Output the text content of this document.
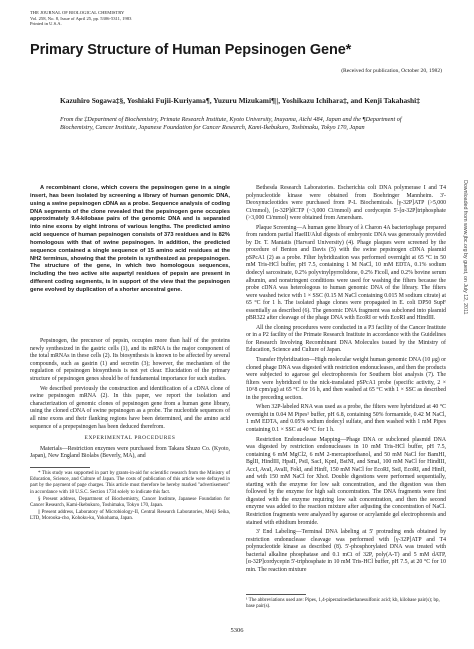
THE JOURNAL OF BIOLOGICAL CHEMISTRY
Vol. 258, No. 8, Issue of April 25, pp. 5306-5311, 1983
Printed in U.S.A.
Primary Structure of Human Pepsinogen Gene*
(Received for publication, October 20, 1982)
Kazuhiro Sogawa‡§, Yoshiaki Fujii-Kuriyama¶, Yuzuru Mizukami¶||, Yoshikazu Ichihara‡, and Kenji Takahashi‡
From the ‡Department of Biochemistry, Primate Research Institute, Kyoto University, Inuyama, Aichi 484, Japan and the ¶Department of Biochemistry, Cancer Institute, Japanese Foundation for Cancer Research, Kami-Ikebukuro, Toshimaku, Tokyo 170, Japan
A recombinant clone, which covers the pepsinogen gene in a single insert, has been isolated by screening a library of human genomic DNA, using a swine pepsinogen cDNA as a probe. Sequence analysis of coding DNA segments of the clone revealed that the pepsinogen gene occupies approximately 9.4-kilobase pairs of the genomic DNA and is separated into nine exons by eight introns of various lengths. The predicted amino acid sequence of human pepsinogen consists of 373 residues and is 82% homologous with that of swine pepsinogen. In addition, the predicted sequence contained a single sequence of 15 amino acid residues at the NH2 terminus, showing that the protein is synthesized as prepepsinogen. The structure of the gene, in which two homologous sequences, including the two active site aspartyl residues of pepsin are present in different coding segments, is in support of the view that the pepsinogen gene evolved by duplication of a shorter ancestral gene.

Pepsinogen, the precursor of pepsin, occupies more than half of the proteins newly synthesized in the gastric cells (1), and its mRNA is the major component of the total mRNAs in these cells (2). Its biosynthesis is known to be affected by several compounds, such as gastrin (1) and secretin (3); however, the mechanism of the regulation of pepsinogen biosynthesis is not yet clear. Elucidation of the primary structure of pepsinogen genes should be of fundamental importance for such studies.

We described previously the construction and identification of a cDNA clone of swine pepsinogen mRNA (2). In this paper, we report the isolation and characterization of genomic clones of pepsinogen gene from a human gene library, using the cloned cDNA of swine pepsinogen as a probe. The nucleotide sequences of all nine exons and their flanking regions have been determined, and the amino acid sequence of a prepepsinogen has been deduced therefrom.

EXPERIMENTAL PROCEDURES

Materials—Restriction enzymes were purchased from Takara Shuzo Co. (Kyoto, Japan), New England Biolabs (Beverly, MA), and

* This study was supported in part by grants-in-aid for scientific research from the Ministry of Education, Science, and Culture of Japan. The costs of publication of this article were defrayed in part by the payment of page charges. This article must therefore be hereby marked "advertisement" in accordance with 18 U.S.C. Section 1734 solely to indicate this fact.

§ Present address, Department of Biochemistry, Cancer Institute, Japanese Foundation for Cancer Research, Kami-Ikebukuro, Toshimaku, Tokyo 170, Japan.

|| Present address, Laboratory of Microbiology-II, Central Research Laboratories, Meiji Seika, LTD, Morooka-cho, Kohoku-ku, Yokohama, Japan.

Bethesda Research Laboratories. Escherichia coli DNA polymerase I and T4 polynucleotide kinase were obtained from Boehringer Mannheim. 3'-Deoxynucleotides were purchased from P-L Biochemicals. [γ-32P]ATP (>5,000 Ci/mmol), [α-32P]dCTP (~3,000 Ci/mmol) and cordycepin 5'-[α-32P]triphosphate (>3,000 Ci/mmol) were obtained from Amersham.

Plaque Screening—A human gene library of λ Charon 4A bacteriophage prepared from random partial HaeIII/AluI digests of embryonic DNA was generously provided by Dr. T. Maniatis (Harvard University) (4). Phage plaques were screened by the procedure of Benton and Davis (5) with the swine pepsinogen cDNA plasmid pSPcA1 (2) as a probe. Filter hybridization was performed overnight at 65 °C in 50 mM Tris-HCl buffer, pH 7.5, containing 1 M NaCl, 10 mM EDTA, 0.1% sodium dodecyl sarcosinate, 0.2% polyvinylpyrrolidone, 0.2% Ficoll, and 0.2% bovine serum albumin, and nonstringent conditions were used for washing the filters because the probe cDNA was heterologous to human genomic DNA of the library. The filters were washed twice with 1 × SSC (0.15 M NaCl containing 0.015 M sodium citrate) at 65 °C for 1 h. The isolated phage clones were propagated in E. coli DP50 SupF essentially as described (6). The genomic DNA fragment was subcloned into plasmid pBR322 after cleavage of the phage DNA with EcoRI or with EcoRI and HindIII.

All the cloning procedures were conducted in a P3 facility of the Cancer Institute or in a P2 facility of the Primate Research Institute in accordance with the Guidelines for Research Involving Recombinant DNA Molecules issued by the Ministry of Education, Science and Culture of Japan.

Transfer Hybridization—High molecular weight human genomic DNA (10 μg) or cloned phage DNA was digested with restriction endonucleases, and then the products were subjected to agarose gel electrophoresis for Southern blot analysis (7). The filters were hybridized to the nick-translated pSPcA1 probe (specific activity, 2 × 10^8 cpm/μg) at 65 °C for 16 h, and then washed at 65 °C with 1 × SSC as described in the preceding section.

When 32P-labeled RNA was used as a probe, the filters were hybridized at 40 °C overnight in 0.04 M Pipes¹ buffer, pH 6.8, containing 50% formamide, 0.42 M NaCl, 1 mM EDTA, and 0.05% sodium dodecyl sulfate, and then washed with 1 mM Pipes containing 0.1 × SSC at 40 °C for 1 h.

Restriction Endonuclease Mapping—Phage DNA or subcloned plasmid DNA was digested by restriction endonucleases in 10 mM Tris-HCl buffer, pH 7.5, containing 6 mM MgCl2, 6 mM 2-mercaptoethanol, and 50 mM NaCl for BamHI, BglII, HindIII, HpaII, PstI, SacI, KpnI, BstNI, and SmaI, 100 mM NaCl for HindIII, AccI, AvaI, AvaII, FokI, and HinfI, 150 mM NaCl for EcoRI, SstI, EcoRI, and HinfI, and with 150 mM NaCl for XhoI. Double digestions were performed sequentially, starting with the enzyme for low salt concentration, and the digestion was then followed by the enzyme for high salt concentration. The DNA fragments were first digested with the enzyme requiring low salt concentration, and then the second enzyme was added to the reaction mixture after adjusting the concentration of NaCl. Restriction fragments were analyzed by agarose or acrylamide gel electrophoresis and stained with ethidium bromide.

3' End Labeling—Terminal DNA labeling at 5' protruding ends obtained by restriction endonuclease cleavage was performed with [γ-32P]ATP and T4 polynucleotide kinase as described (8). 5'-phosphorylated DNA was treated with bacterial alkaline phosphatase and 0.1 mCi of 32P, poly(A-T) and 5 mM dATP, [α-32P]cordycepin 5'-triphosphate in 10 mM Tris-HCl buffer, pH 7.5, at 20 °C for 10 min. The reaction mixture

¹ The abbreviations used are: Pipes, 1,4-piperazinediethanesulfonic acid; kb, kilobase pair(s); bp, base pair(s).
5306
Downloaded from www.jbc.org by guest, on July 12, 2011
